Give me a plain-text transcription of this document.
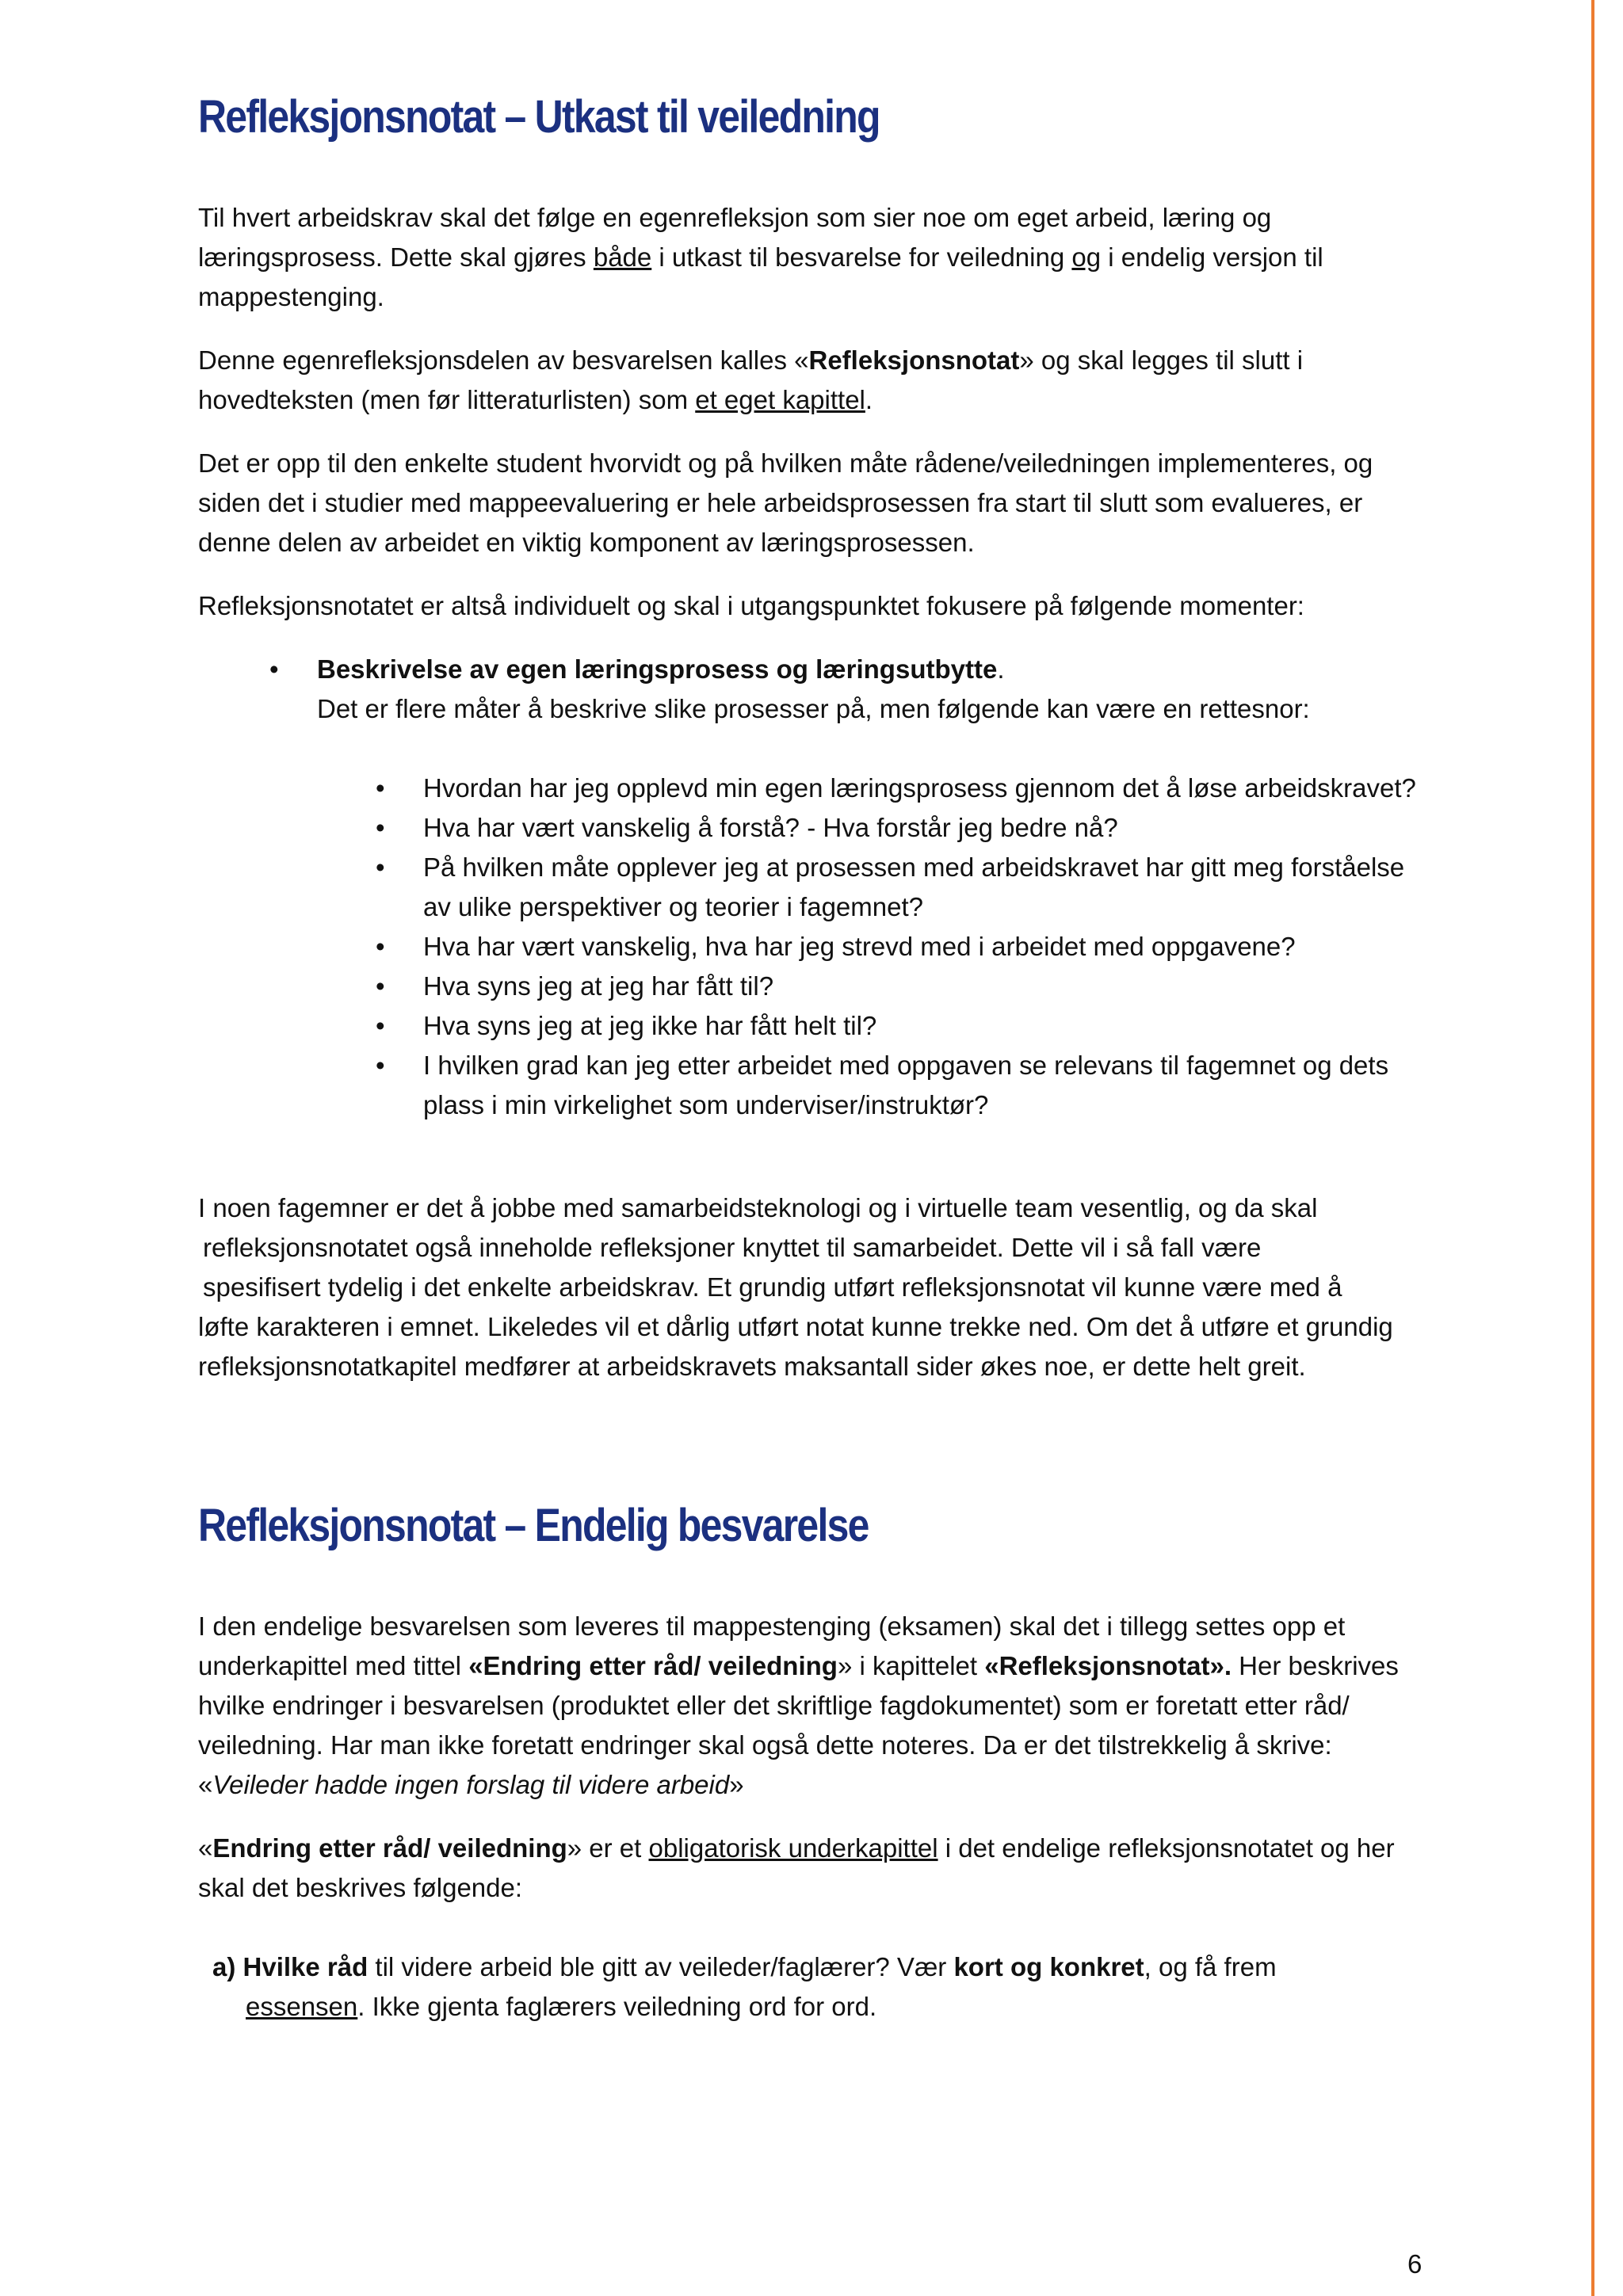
Refleksjonsnotat – Utkast til veiledning

Til hvert arbeidskrav skal det følge en egenrefleksjon som sier noe om eget arbeid, læring og læringsprosess. Dette skal gjøres både i utkast til besvarelse for veiledning og i endelig versjon til mappestenging.

Denne egenrefleksjonsdelen av besvarelsen kalles «Refleksjonsnotat» og skal legges til slutt i hovedteksten (men før litteraturlisten) som et eget kapittel.

Det er opp til den enkelte student hvorvidt og på hvilken måte rådene/veiledningen implementeres, og siden det i studier med mappeevaluering er hele arbeidsprosessen fra start til slutt som evalueres, er denne delen av arbeidet en viktig komponent av læringsprosessen.

Refleksjonsnotatet er altså individuelt og skal i utgangspunktet fokusere på følgende momenter:

• Beskrivelse av egen læringsprosess og læringsutbytte.
Det er flere måter å beskrive slike prosesser på, men følgende kan være en rettesnor:
• Hvordan har jeg opplevd min egen læringsprosess gjennom det å løse arbeidskravet?
• Hva har vært vanskelig å forstå? - Hva forstår jeg bedre nå?
• På hvilken måte opplever jeg at prosessen med arbeidskravet har gitt meg forståelse av ulike perspektiver og teorier i fagemnet?
• Hva har vært vanskelig, hva har jeg strevd med i arbeidet med oppgavene?
• Hva syns jeg at jeg har fått til?
• Hva syns jeg at jeg ikke har fått helt til?
• I hvilken grad kan jeg etter arbeidet med oppgaven se relevans til fagemnet og dets plass i min virkelighet som underviser/instruktør?

I noen fagemner er det å jobbe med samarbeidsteknologi og i virtuelle team vesentlig, og da skal
refleksjonsnotatet også inneholde refleksjoner knyttet til samarbeidet. Dette vil i så fall være
spesifisert tydelig i det enkelte arbeidskrav. Et grundig utført refleksjonsnotat vil kunne være med å
løfte karakteren i emnet. Likeledes vil et dårlig utført notat kunne trekke ned. Om det å utføre et grundig refleksjonsnotatkapitel medfører at arbeidskravets maksantall sider økes noe, er dette helt greit.

Refleksjonsnotat – Endelig besvarelse

I den endelige besvarelsen som leveres til mappestenging (eksamen) skal det i tillegg settes opp et underkapittel med tittel «Endring etter råd/ veiledning» i kapittelet «Refleksjonsnotat». Her beskrives hvilke endringer i besvarelsen (produktet eller det skriftlige fagdokumentet) som er foretatt etter råd/ veiledning. Har man ikke foretatt endringer skal også dette noteres. Da er det tilstrekkelig å skrive: «Veileder hadde ingen forslag til videre arbeid»

«Endring etter råd/ veiledning» er et obligatorisk underkapittel i det endelige refleksjonsnotatet og her skal det beskrives følgende:

a) Hvilke råd til videre arbeid ble gitt av veileder/faglærer? Vær kort og konkret, og få frem
essensen. Ikke gjenta faglærers veiledning ord for ord.

6
